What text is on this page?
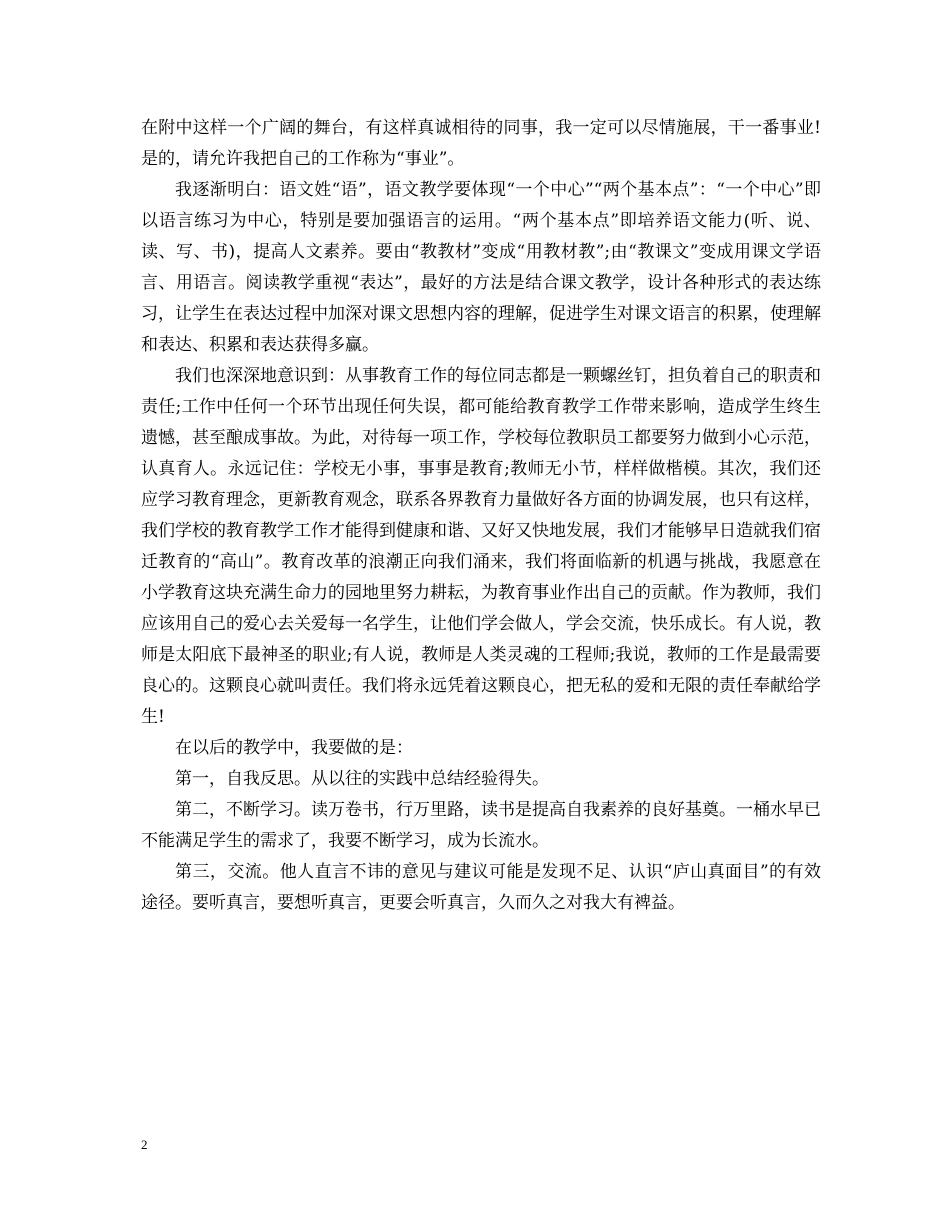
在附中这样一个广阔的舞台，有这样真诚相待的同事，我一定可以尽情施展，干一番事业!是的，请允许我把自己的工作称为“事业”。

我逐渐明白：语文姓“语”，语文教学要体现“一个中心”“两个基本点”：“一个中心”即以语言练习为中心，特别是要加强语言的运用。“两个基本点”即培养语文能力(听、说、读、写、书)，提高人文素养。要由“教教材”变成“用教材教”;由“教课文”变成用课文学语言、用语言。阅读教学重视“表达”，最好的方法是结合课文教学，设计各种形式的表达练习，让学生在表达过程中加深对课文思想内容的理解，促进学生对课文语言的积累，使理解和表达、积累和表达获得多赢。

我们也深深地意识到：从事教育工作的每位同志都是一颗螺丝钉，担负着自己的职责和责任;工作中任何一个环节出现任何失误，都可能给教育教学工作带来影响，造成学生终生遗憾，甚至酿成事故。为此，对待每一项工作，学校每位教职员工都要努力做到小心示范，认真育人。永远记住：学校无小事，事事是教育;教师无小节，样样做楷模。其次，我们还应学习教育理念，更新教育观念，联系各界教育力量做好各方面的协调发展，也只有这样，我们学校的教育教学工作才能得到健康和谐、又好又快地发展，我们才能够早日造就我们宿迁教育的“高山”。教育改革的浪潮正向我们涌来，我们将面临新的机遇与挑战，我愿意在小学教育这块充满生命力的园地里努力耕耘，为教育事业作出自己的贡献。作为教师，我们应该用自己的爱心去关爱每一名学生，让他们学会做人，学会交流，快乐成长。有人说，教师是太阳底下最神圣的职业;有人说，教师是人类灵魂的工程师;我说，教师的工作是最需要良心的。这颗良心就叫责任。我们将永远凭着这颗良心，把无私的爱和无限的责任奉献给学生!

在以后的教学中，我要做的是：

第一，自我反思。从以往的实践中总结经验得失。

第二，不断学习。读万卷书，行万里路，读书是提高自我素养的良好基奠。一桶水早已不能满足学生的需求了，我要不断学习，成为长流水。

第三，交流。他人直言不讳的意见与建议可能是发现不足、认识“庐山真面目”的有效途径。要听真言，要想听真言，更要会听真言，久而久之对我大有裨益。

2
